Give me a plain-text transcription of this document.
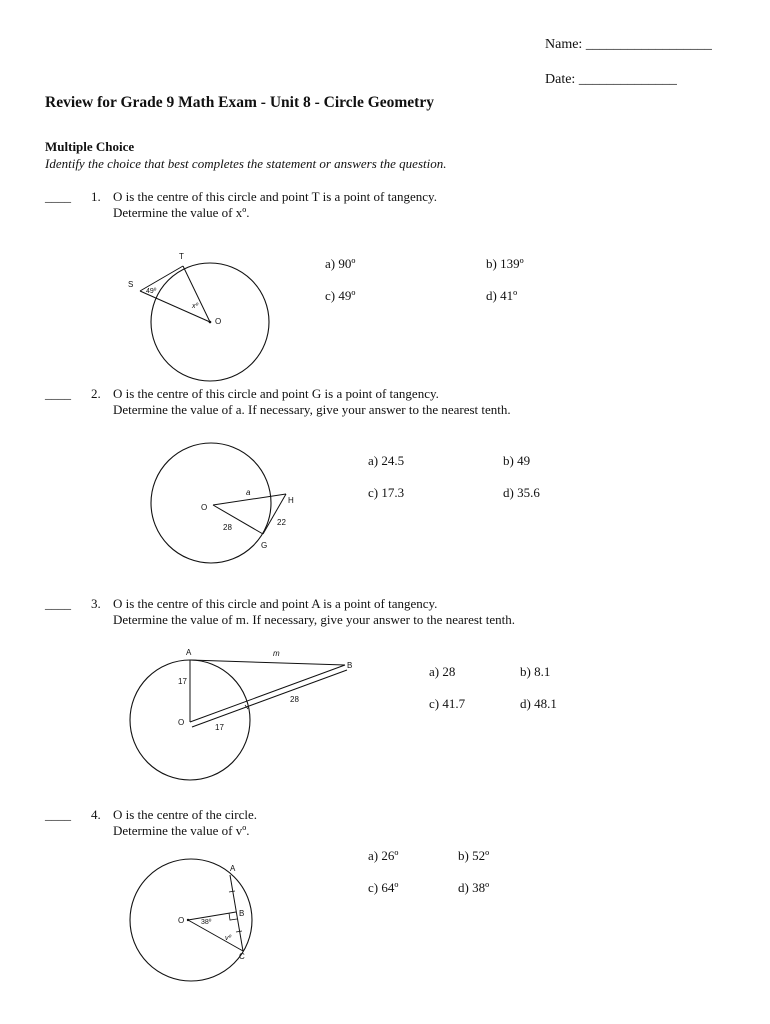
Name: __________________
Date: ______________
Review for Grade 9 Math Exam - Unit 8 - Circle Geometry
Multiple Choice
Identify the choice that best completes the statement or answers the question.
____ 1. O is the centre of this circle and point T is a point of tangency.
Determine the value of xº.
T
S
O
49º
xº
a) 90º	b) 139º
c) 49º	d) 41º
____ 2. O is the centre of this circle and point G is a point of tangency.
Determine the value of a. If necessary, give your answer to the nearest tenth.
O
H
G
a
28
22
a) 24.5	b) 49
c) 17.3	d) 35.6
____ 3. O is the centre of this circle and point A is a point of tangency.
Determine the value of m. If necessary, give your answer to the nearest tenth.
A
B
O
m
17
17
28
a) 28	b) 8.1
c) 41.7	d) 48.1
____ 4. O is the centre of the circle.
Determine the value of vº.
A
B
C
O 38º
vº
a) 26º	b) 52º
c) 64º	d) 38º
